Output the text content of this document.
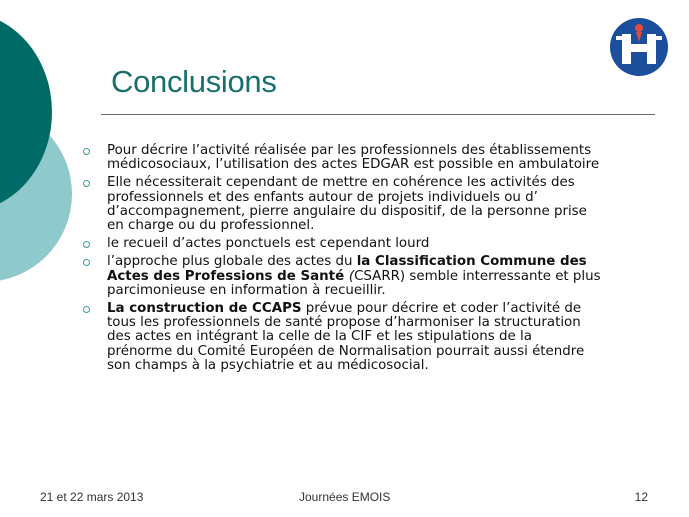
Conclusions
Pour décrire l’activité réalisée par les professionnels des établissements médicosociaux, l’utilisation des actes EDGAR est possible en ambulatoire
Elle nécessiterait cependant de mettre en cohérence les activités des professionnels et des enfants autour de projets individuels ou d’ d’accompagnement, pierre angulaire du dispositif, de la personne prise en charge ou du professionnel.
le recueil d’actes ponctuels est cependant lourd
l’approche plus globale des actes du la Classification Commune des Actes des Professions de Santé (CSARR) semble interressante et plus parcimonieuse en information à recueillir.
La construction de CCAPS prévue pour décrire et coder l’activité de tous les professionnels de santé propose d’harmoniser la structuration des actes en intégrant la celle de la CIF et les stipulations de la prénorme du Comité Européen de Normalisation pourrait aussi étendre son champs à la psychiatrie et au médicosocial.
21 et 22 mars 2013	Journées EMOIS	12
